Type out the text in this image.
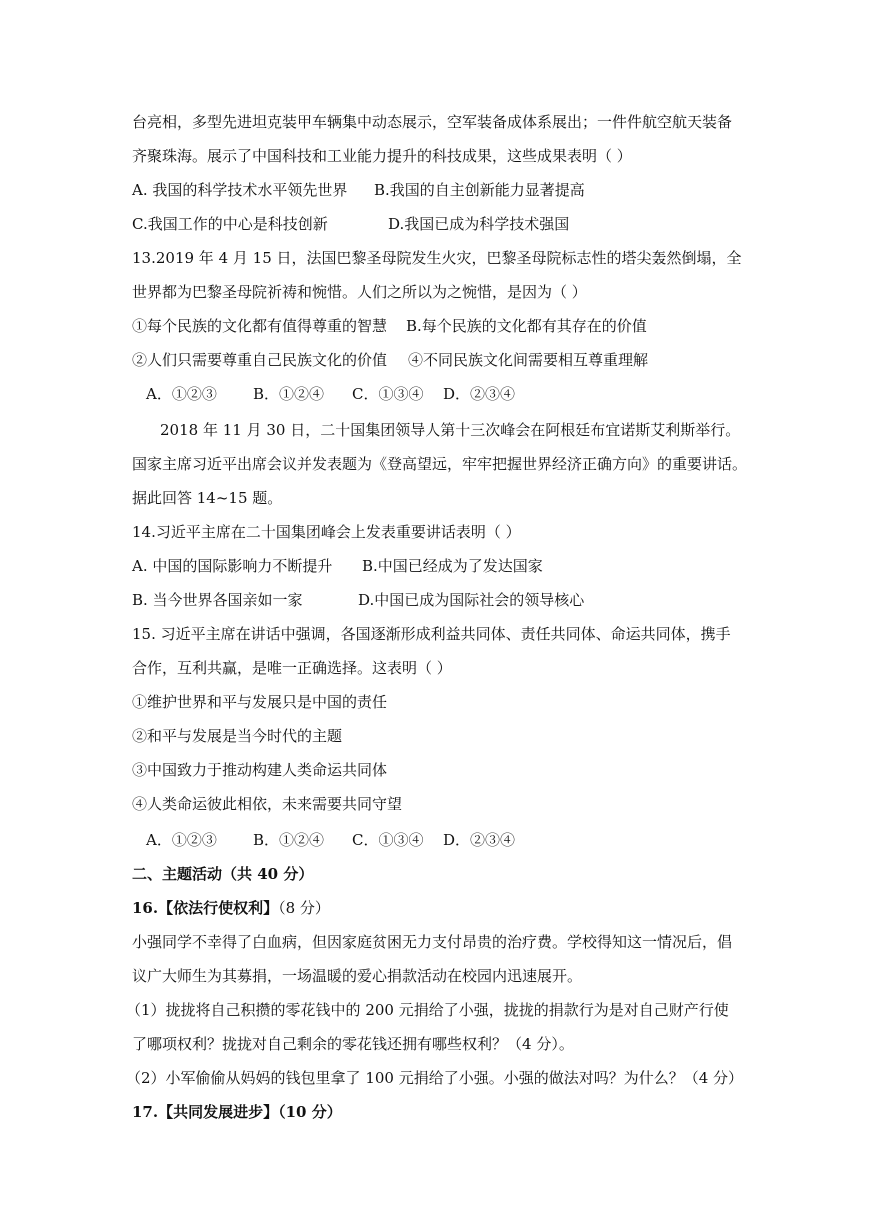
台亮相，多型先进坦克装甲车辆集中动态展示，空军装备成体系展出；一件件航空航天装备
齐聚珠海。展示了中国科技和工业能力提升的科技成果，这些成果表明（ ）
A. 我国的科学技术水平领先世界 B.我国的自主创新能力显著提高
C.我国工作的中心是科技创新	D.我国已成为科学技术强国
13.2019 年 4 月 15 日，法国巴黎圣母院发生火灾，巴黎圣母院标志性的塔尖轰然倒塌，全
世界都为巴黎圣母院祈祷和惋惜。人们之所以为之惋惜，是因为（ ）
①每个民族的文化都有值得尊重的智慧 B.每个民族的文化都有其存在的价值
②人们只需要尊重自己民族文化的价值 ④不同民族文化间需要相互尊重理解
A．①②③ B．①②④ C．①③④ D．②③④
2018 年 11 月 30 日，二十国集团领导人第十三次峰会在阿根廷布宜诺斯艾利斯举行。
国家主席习近平出席会议并发表题为《登高望远，牢牢把握世界经济正确方向》的重要讲话。
据此回答 14~15 题。
14.习近平主席在二十国集团峰会上发表重要讲话表明（ ）
A. 中国的国际影响力不断提升 B.中国已经成为了发达国家
B. 当今世界各国亲如一家	D.中国已成为国际社会的领导核心
15. 习近平主席在讲话中强调，各国逐渐形成利益共同体、责任共同体、命运共同体，携手
合作，互利共赢，是唯一正确选择。这表明（ ）
①维护世界和平与发展只是中国的责任
②和平与发展是当今时代的主题
③中国致力于推动构建人类命运共同体
④人类命运彼此相依，未来需要共同守望
A．①②③ B．①②④ C．①③④ D．②③④
二、主题活动（共 40 分）
16.【依法行使权利】（8 分）
小强同学不幸得了白血病，但因家庭贫困无力支付昂贵的治疗费。学校得知这一情况后，倡
议广大师生为其募捐，一场温暖的爱心捐款活动在校园内迅速展开。
（1）拢拢将自己积攒的零花钱中的 200 元捐给了小强，拢拢的捐款行为是对自己财产行使
了哪项权利？拢拢对自己剩余的零花钱还拥有哪些权利？（4 分）。
（2）小军偷偷从妈妈的钱包里拿了 100 元捐给了小强。小强的做法对吗？为什么？（4 分）
17.【共同发展进步】（10 分）
